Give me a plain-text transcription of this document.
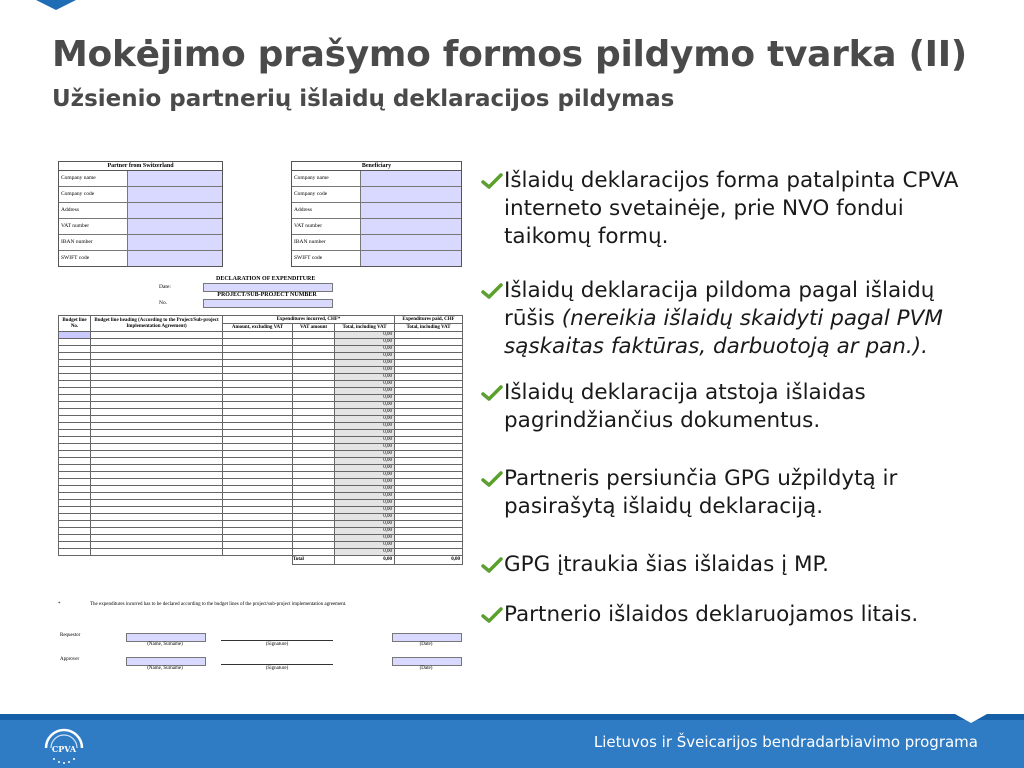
Mokėjimo prašymo formos pildymo tvarka (II)
Užsienio partnerių išlaidų deklaracijos pildymas
Partner from Switzerland
Company name
Company code
Address
VAT number
IBAN number
SWIFT code
Beneficiary
Company name
Company code
Address
VAT number
IBAN number
SWIFT code
DECLARATION OF EXPENDITURE
Date:
PROJECT/SUB-PROJECT NUMBER
No.
Budget line No.	Budget line heading (According to the Project/Sub-project Implementation Agreement)	Expenditures incurred, CHF*			Expenditures paid, CHF
		Amount, excluding VAT	VAT amount	Total, including VAT	Total, including VAT
				0,00	
				0,00	
				0,00	
				0,00	
				0,00	
				0,00	
				0,00	
				0,00	
				0,00	
				0,00	
				0,00	
				0,00	
				0,00	
				0,00	
				0,00	
				0,00	
				0,00	
				0,00	
				0,00	
				0,00	
				0,00	
				0,00	
				0,00	
				0,00	
				0,00	
				0,00	
				0,00	
				0,00	
				0,00	
				0,00	
				0,00	
				0,00	
			Total	0,00	0,00
*	The expenditures incurred has to be declared according to the budget lines of the project/sub-project implementation agreement.
Requestor
(Name, Surname)	(Signature)	(Date)
Approver
(Name, Surname)	(Signature)	(Date)
Išlaidų deklaracijos forma patalpinta CPVA interneto svetainėje, prie NVO fondui taikomų formų.
Išlaidų deklaracija pildoma pagal išlaidų rūšis (nereikia išlaidų skaidyti pagal PVM sąskaitas faktūras, darbuotoją ar pan.).
Išlaidų deklaracija atstoja išlaidas pagrindžiančius dokumentus.
Partneris persiunčia GPG užpildytą ir pasirašytą išlaidų deklaraciją.
GPG įtraukia šias išlaidas į MP.
Partnerio išlaidos deklaruojamos litais.
CPVA	Lietuvos ir Šveicarijos bendradarbiavimo programa
